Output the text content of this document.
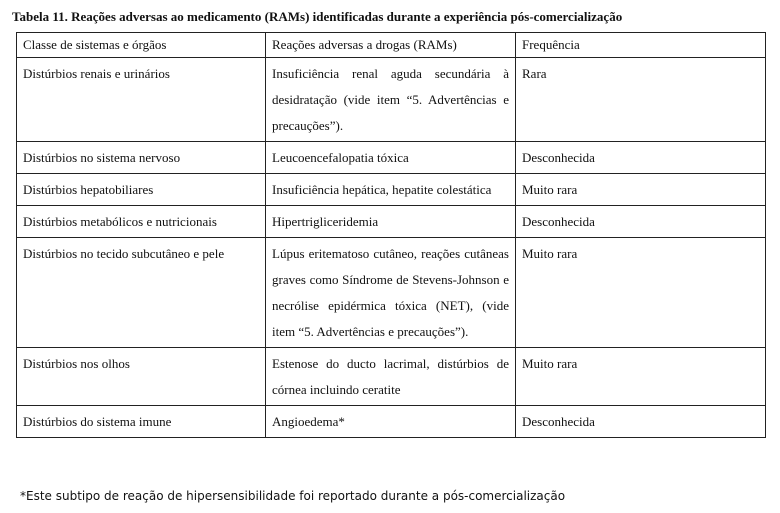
Tabela 11. Reações adversas ao medicamento (RAMs) identificadas durante a experiência pós-comercialização
Classe de sistemas e órgãos	Reações adversas a drogas (RAMs)	Frequência
Distúrbios renais e urinários	Insuficiência renal aguda secundária à desidratação (vide item “5. Advertências e precauções”).	Rara
Distúrbios no sistema nervoso	Leucoencefalopatia tóxica	Desconhecida
Distúrbios hepatobiliares	Insuficiência hepática, hepatite colestática	Muito rara
Distúrbios metabólicos e nutricionais	Hipertrigliceridemia	Desconhecida
Distúrbios no tecido subcutâneo e pele	Lúpus eritematoso cutâneo, reações cutâneas graves como Síndrome de Stevens-Johnson e necrólise epidérmica tóxica (NET), (vide item “5. Advertências e precauções”).	Muito rara
Distúrbios nos olhos	Estenose do ducto lacrimal, distúrbios de córnea incluindo ceratite	Muito rara
Distúrbios do sistema imune	Angioedema*	Desconhecida
*Este subtipo de reação de hipersensibilidade foi reportado durante a pós-comercialização
